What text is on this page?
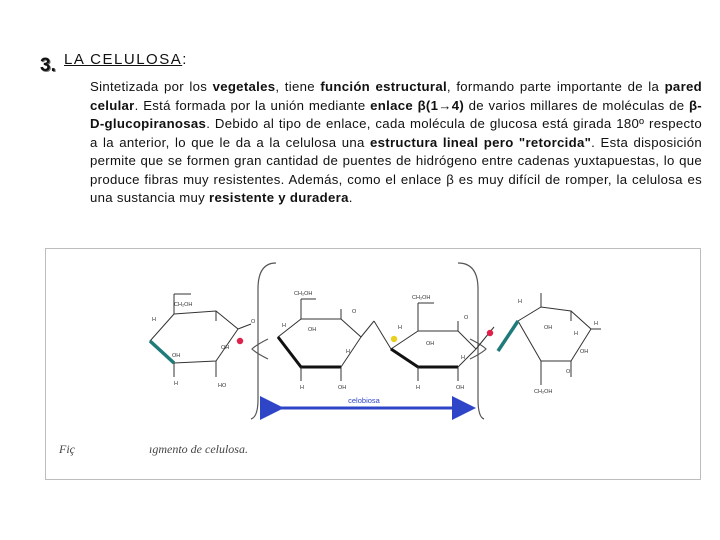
3. LA CELULOSA:
Sintetizada por los vegetales, tiene función estructural, formando parte importante de la pared celular. Está formada por la unión mediante enlace β(1→4) de varios millares de moléculas de β-D-glucopiranosas. Debido al tipo de enlace, cada molécula de glucosa está girada 180º respecto a la anterior, lo que le da a la celulosa una estructura lineal pero "retorcida". Esta disposición permite que se formen gran cantidad de puentes de hidrógeno entre cadenas yuxtapuestas, lo que produce fibras muy resistentes. Además, como el enlace β es muy difícil de romper, la celulosa es una sustancia muy resistente y duradera.
celobiosa
CH₂OH
H
OH
OH
HO
H
O
CH₂OH
H
OH
H
OH
H
O
CH₂OH
H
OH
H
OH
H
O
H
OH
H
H
O
CH₂OH
OH
Fiç	ıgmento de celulosa.
